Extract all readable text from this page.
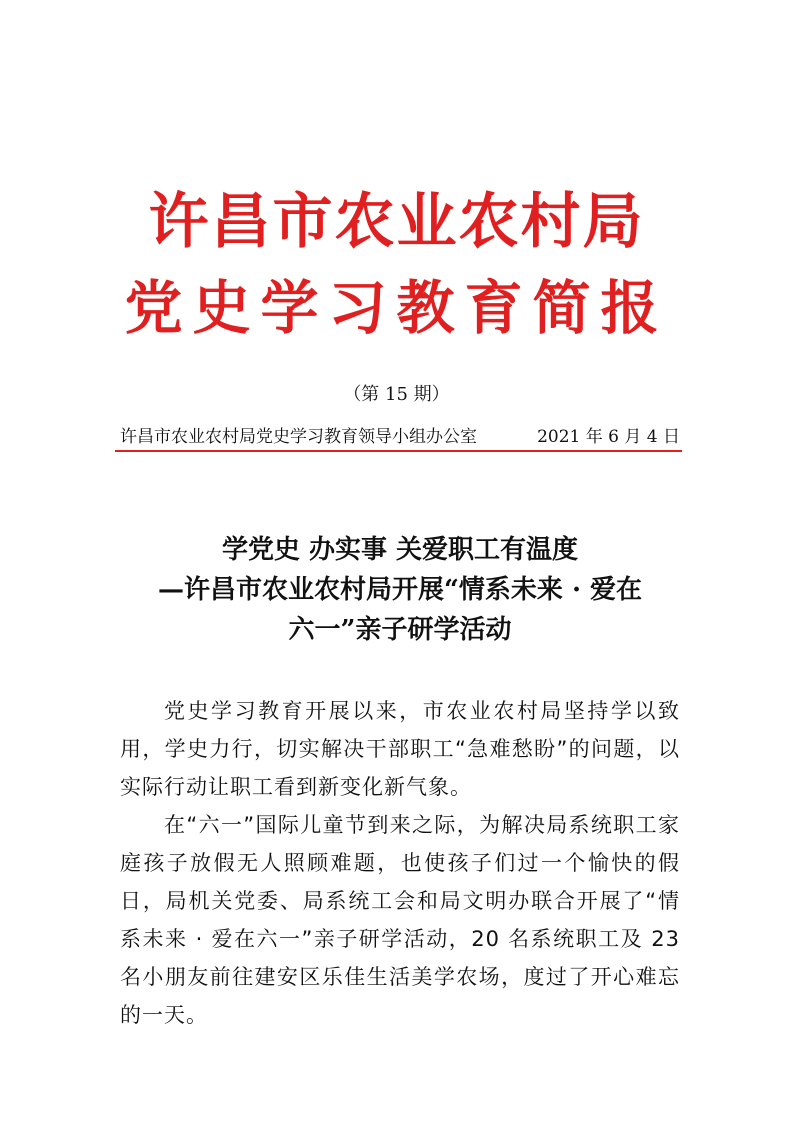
许昌市农业农村局
党史学习教育简报
（第 15 期）
许昌市农业农村局党史学习教育领导小组办公室	2021 年 6 月 4 日
学党史 办实事 关爱职工有温度
—许昌市农业农村局开展“情系未来 · 爱在
六一”亲子研学活动

党史学习教育开展以来，市农业农村局坚持学以致用，学史力行，切实解决干部职工“急难愁盼”的问题，以实际行动让职工看到新变化新气象。

在“六一”国际儿童节到来之际，为解决局系统职工家庭孩子放假无人照顾难题，也使孩子们过一个愉快的假日，局机关党委、局系统工会和局文明办联合开展了“情系未来 · 爱在六一”亲子研学活动，20 名系统职工及 23 名小朋友前往建安区乐佳生活美学农场，度过了开心难忘的一天。
